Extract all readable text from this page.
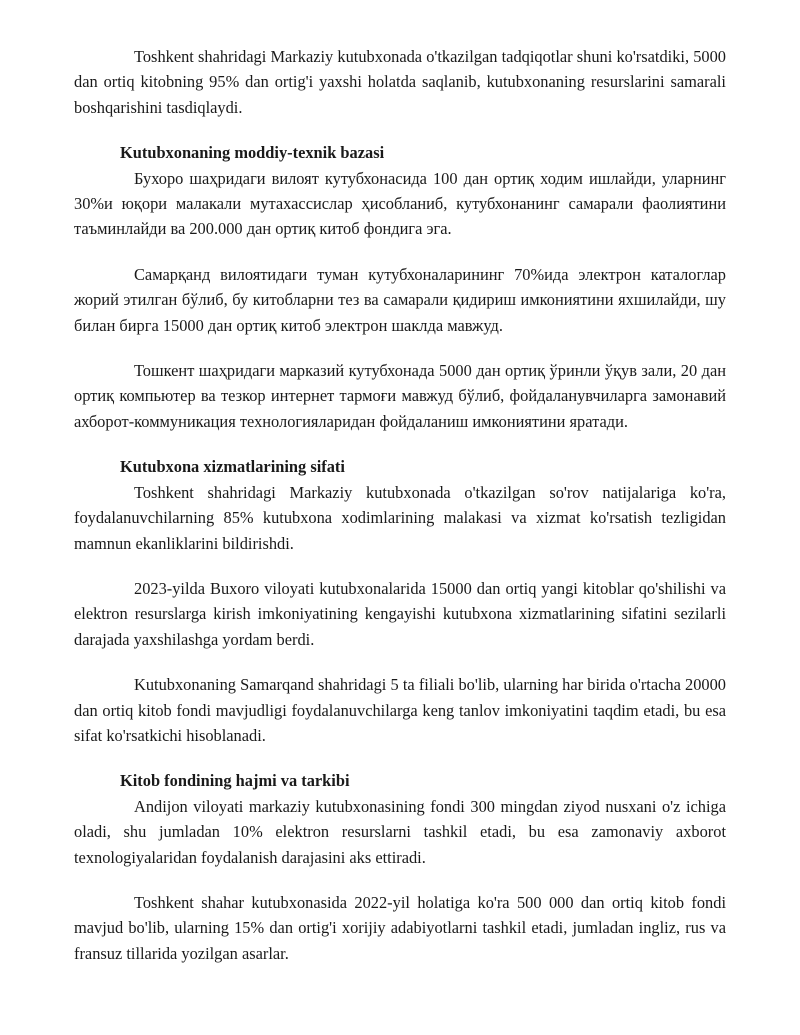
Toshkent shahridagi Markaziy kutubxonada o'tkazilgan tadqiqotlar shuni ko'rsatdiki, 5000 dan ortiq kitobning 95% dan ortig'i yaxshi holatda saqlanib, kutubxonaning resurslarini samarali boshqarishini tasdiqlaydi.

Kutubxonaning moddiy-texnik bazasi

Бухоро шаҳридаги вилоят кутубхонасида 100 дан ортиқ ходим ишлайди, уларнинг 30%и юқори малакали мутахассислар ҳисобланиб, кутубхонанинг самарали фаолиятини таъминлайди ва 200.000 дан ортиқ китоб фондига эга.

Самарқанд вилоятидаги туман кутубхоналарининг 70%ида электрон каталоглар жорий этилган бўлиб, бу китобларни тез ва самарали қидириш имкониятини яхшилайди, шу билан бирга 15000 дан ортиқ китоб электрон шаклда мавжуд.

Тошкент шаҳридаги марказий кутубхонада 5000 дан ортиқ ўринли ўқув зали, 20 дан ортиқ компьютер ва тезкор интернет тармоғи мавжуд бўлиб, фойдаланувчиларга замонавий ахборот-коммуникация технологияларидан фойдаланиш имкониятини яратади.

Kutubxona xizmatlarining sifati

Toshkent shahridagi Markaziy kutubxonada o'tkazilgan so'rov natijalariga ko'ra, foydalanuvchilarning 85% kutubxona xodimlarining malakasi va xizmat ko'rsatish tezligidan mamnun ekanliklarini bildirishdi.

2023-yilda Buxoro viloyati kutubxonalarida 15000 dan ortiq yangi kitoblar qo'shilishi va elektron resurslarga kirish imkoniyatining kengayishi kutubxona xizmatlarining sifatini sezilarli darajada yaxshilashga yordam berdi.

Kutubxonaning Samarqand shahridagi 5 ta filiali bo'lib, ularning har birida o'rtacha 20000 dan ortiq kitob fondi mavjudligi foydalanuvchilarga keng tanlov imkoniyatini taqdim etadi, bu esa sifat ko'rsatkichi hisoblanadi.

Kitob fondining hajmi va tarkibi

Andijon viloyati markaziy kutubxonasining fondi 300 mingdan ziyod nusxani o'z ichiga oladi, shu jumladan 10% elektron resurslarni tashkil etadi, bu esa zamonaviy axborot texnologiyalaridan foydalanish darajasini aks ettiradi.

Toshkent shahar kutubxonasida 2022-yil holatiga ko'ra 500 000 dan ortiq kitob fondi mavjud bo'lib, ularning 15% dan ortig'i xorijiy adabiyotlarni tashkil etadi, jumladan ingliz, rus va fransuz tillarida yozilgan asarlar.
